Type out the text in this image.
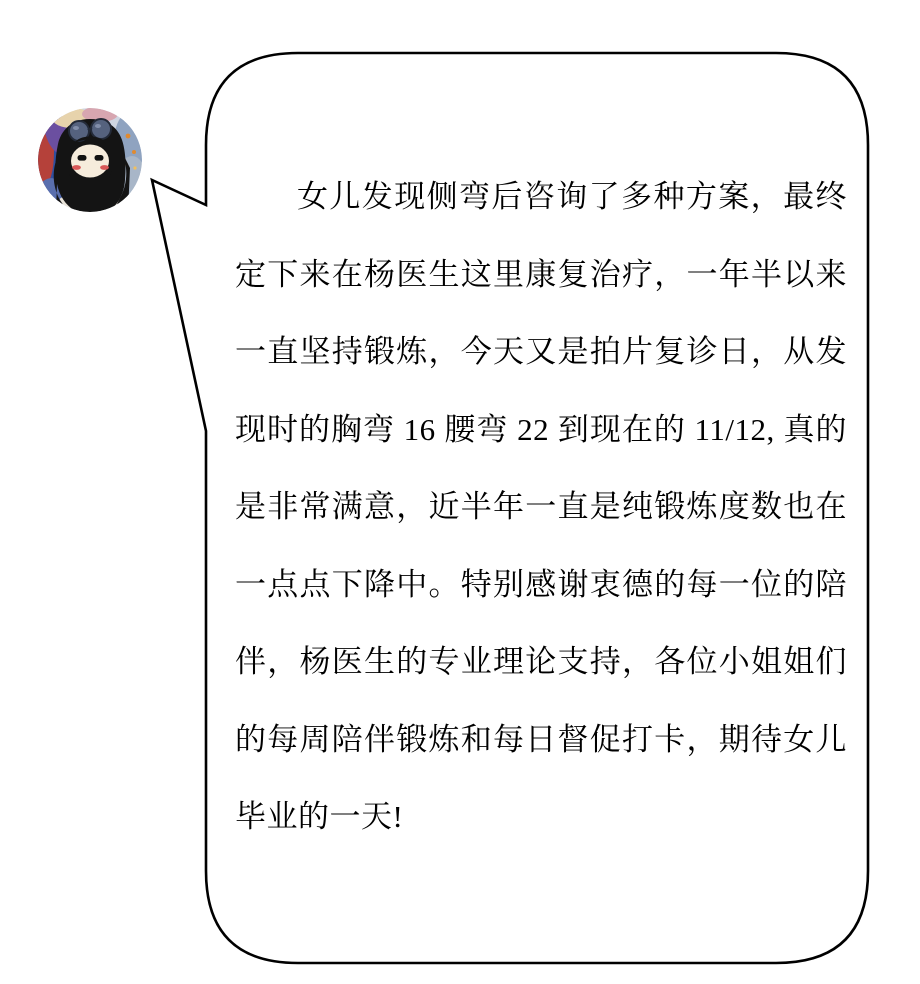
女儿发现侧弯后咨询了多种方案，最终
定下来在杨医生这里康复治疗，一年半以来
一直坚持锻炼，今天又是拍片复诊日，从发
现时的胸弯 16 腰弯 22 到现在的 11/12, 真的
是非常满意，近半年一直是纯锻炼度数也在
一点点下降中。特别感谢衷德的每一位的陪
伴，杨医生的专业理论支持，各位小姐姐们
的每周陪伴锻炼和每日督促打卡，期待女儿
毕业的一天!
